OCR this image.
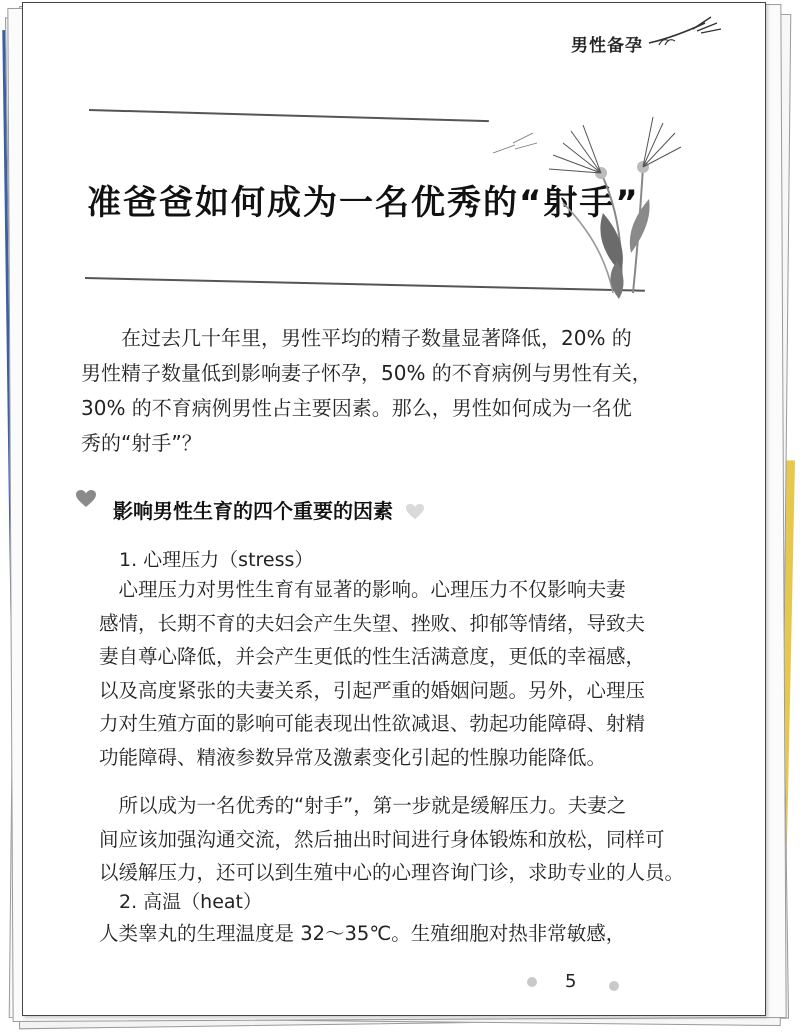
男性备孕
准爸爸如何成为一名优秀的“射手”
　　在过去几十年里，男性平均的精子数量显著降低，20% 的
男性精子数量低到影响妻子怀孕，50% 的不育病例与男性有关，
30% 的不育病例男性占主要因素。那么，男性如何成为一名优
秀的“射手”？
影响男性生育的四个重要的因素
1. 心理压力（stress）
　心理压力对男性生育有显著的影响。心理压力不仅影响夫妻
感情，长期不育的夫妇会产生失望、挫败、抑郁等情绪，导致夫
妻自尊心降低，并会产生更低的性生活满意度，更低的幸福感，
以及高度紧张的夫妻关系，引起严重的婚姻问题。另外，心理压
力对生殖方面的影响可能表现出性欲减退、勃起功能障碍、射精
功能障碍、精液参数异常及激素变化引起的性腺功能降低。
　所以成为一名优秀的“射手”，第一步就是缓解压力。夫妻之
间应该加强沟通交流，然后抽出时间进行身体锻炼和放松，同样可
以缓解压力，还可以到生殖中心的心理咨询门诊，求助专业的人员。
2. 高温（heat）
人类睾丸的生理温度是 32～35℃。生殖细胞对热非常敏感，
5
